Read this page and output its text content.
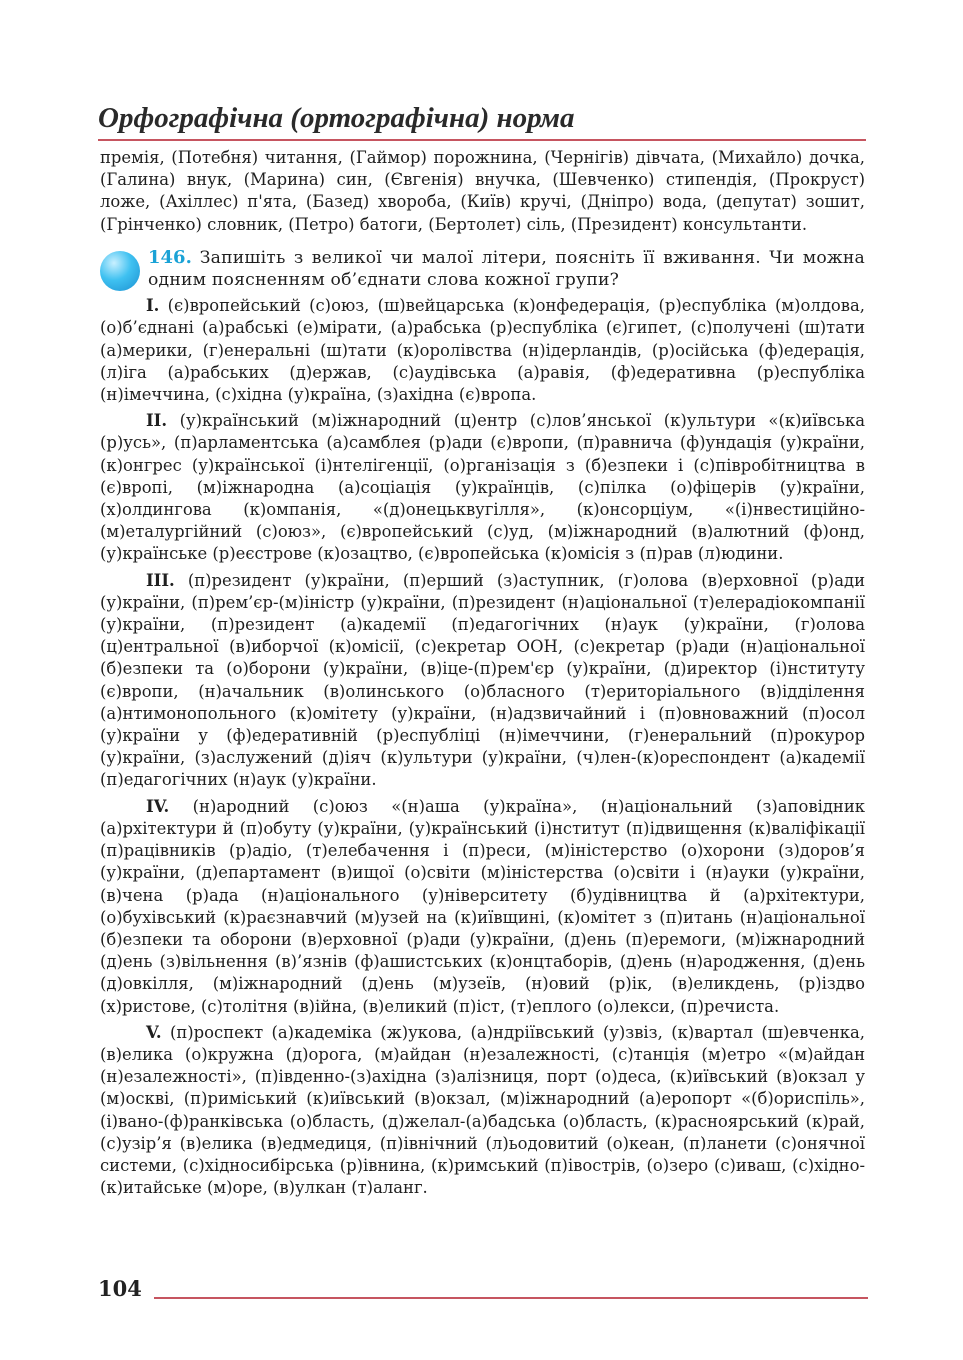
Орфографічна (ортографічна) норма

премія, (Потебня) читання, (Гаймор) порожнина, (Чернігів) дівчата, (Михайло) дочка, (Галина) внук, (Марина) син, (Євгенія) внучка, (Шевченко) стипендія, (Прокруст) ложе, (Ахіллес) п'ята, (Базед) хвороба, (Київ) кручі, (Дніпро) вода, (депутат) зошит, (Грінченко) словник, (Петро) батоги, (Бертолет) сіль, (Президент) консультанти.

146. Запишіть з великої чи малої літери, поясніть її вживання. Чи можна одним поясненням об’єднати слова кожної групи?

I. (є)вропейський (с)оюз, (ш)вейцарська (к)онфедерація, (р)еспубліка (м)олдова, (о)б’єднані (а)рабські (е)мірати, (а)рабська (р)еспубліка (є)гипет, (с)получені (ш)тати (а)мерики, (г)енеральні (ш)тати (к)оролівства (н)ідерландів, (р)осійська (ф)едерація, (л)іга (а)рабських (д)ержав, (с)аудівська (а)равія, (ф)едеративна (р)еспубліка (н)імеччина, (с)хідна (у)країна, (з)ахідна (є)вропа.

II. (у)країнський (м)іжнародний (ц)ентр (с)лов’янської (к)ультури «(к)иївська (р)усь», (п)арламентська (а)самблея (р)ади (є)вропи, (п)равнича (ф)ундація (у)країни, (к)онгрес (у)країнської (і)нтелігенції, (о)рганізація з (б)езпеки і (с)півробітництва в (є)вропі, (м)іжнародна (а)соціація (у)країнців, (с)пілка (о)фіцерів (у)країни, (х)олдингова (к)омпанія, «(д)онецьквугілля», (к)онсорціум, «(і)нвестиційно-(м)еталургійний (с)оюз», (є)вропейський (с)уд, (м)іжнародний (в)алютний (ф)онд, (у)країнське (р)еєстрове (к)озацтво, (є)вропейська (к)омісія з (п)рав (л)юдини.

III. (п)резидент (у)країни, (п)ерший (з)аступник, (г)олова (в)ерховної (р)ади (у)країни, (п)рем’єр-(м)іністр (у)країни, (п)резидент (н)аціональної (т)елерадіокомпанії (у)країни, (п)резидент (а)кадемії (п)едагогічних (н)аук (у)країни, (г)олова (ц)ентральної (в)иборчої (к)омісії, (с)екретар ООН, (с)екретар (р)ади (н)аціональної (б)езпеки та (о)борони (у)країни, (в)іце-(п)рем'єр (у)країни, (д)иректор (і)нституту (є)вропи, (н)ачальник (в)олинського (о)бласного (т)ериторіального (в)ідділення (а)нтимонопольного (к)омітету (у)країни, (н)адзвичайний і (п)овноважний (п)осол (у)країни у (ф)едеративній (р)еспубліці (н)імеччини, (г)енеральний (п)рокурор (у)країни, (з)аслужений (д)іяч (к)ультури (у)країни, (ч)лен-(к)ореспондент (а)кадемії (п)едагогічних (н)аук (у)країни.

IV. (н)ародний (с)оюз «(н)аша (у)країна», (н)аціональний (з)аповідник (а)рхітектури й (п)обуту (у)країни, (у)країнський (і)нститут (п)ідвищення (к)валіфікації (п)рацівників (р)адіо, (т)елебачення і (п)реси, (м)іністерство (о)хорони (з)доров’я (у)країни, (д)епартамент (в)ищої (о)світи (м)іністерства (о)світи і (н)ауки (у)країни, (в)чена (р)ада (н)аціонального (у)ніверситету (б)удівництва й (а)рхітектури, (о)бухівський (к)раєзнавчий (м)узей на (к)иївщині, (к)омітет з (п)итань (н)аціональної (б)езпеки та оборони (в)ерховної (р)ади (у)країни, (д)ень (п)еремоги, (м)іжнародний (д)ень (з)вільнення (в)’язнів (ф)ашистських (к)онцтаборів, (д)ень (н)ародження, (д)ень (д)овкілля, (м)іжнародний (д)ень (м)узеїв, (н)овий (р)ік, (в)еликдень, (р)іздво (х)ристове, (с)толітня (в)ійна, (в)еликий (п)іст, (т)еплого (о)лекси, (п)речиста.

V. (п)роспект (а)кадеміка (ж)укова, (а)ндріївський (у)звіз, (к)вартал (ш)евченка, (в)елика (о)кружна (д)орога, (м)айдан (н)езалежності, (с)танція (м)етро «(м)айдан (н)езалежності», (п)івденно-(з)ахідна (з)алізниця, порт (о)деса, (к)иївський (в)окзал у (м)оскві, (п)риміський (к)иївський (в)окзал, (м)іжнародний (а)еропорт «(б)ориспіль», (і)вано-(ф)ранківська (о)бласть, (д)желал-(а)бадська (о)бласть, (к)расноярський (к)рай, (с)узір’я (в)елика (в)едмедиця, (п)івнічний (л)ьодовитий (о)кеан, (п)ланети (с)онячної системи, (с)хідносибірська (р)івнина, (к)римський (п)івострів, (о)зеро (с)иваш, (с)хідно-(к)итайське (м)оре, (в)улкан (т)аланг.

104
